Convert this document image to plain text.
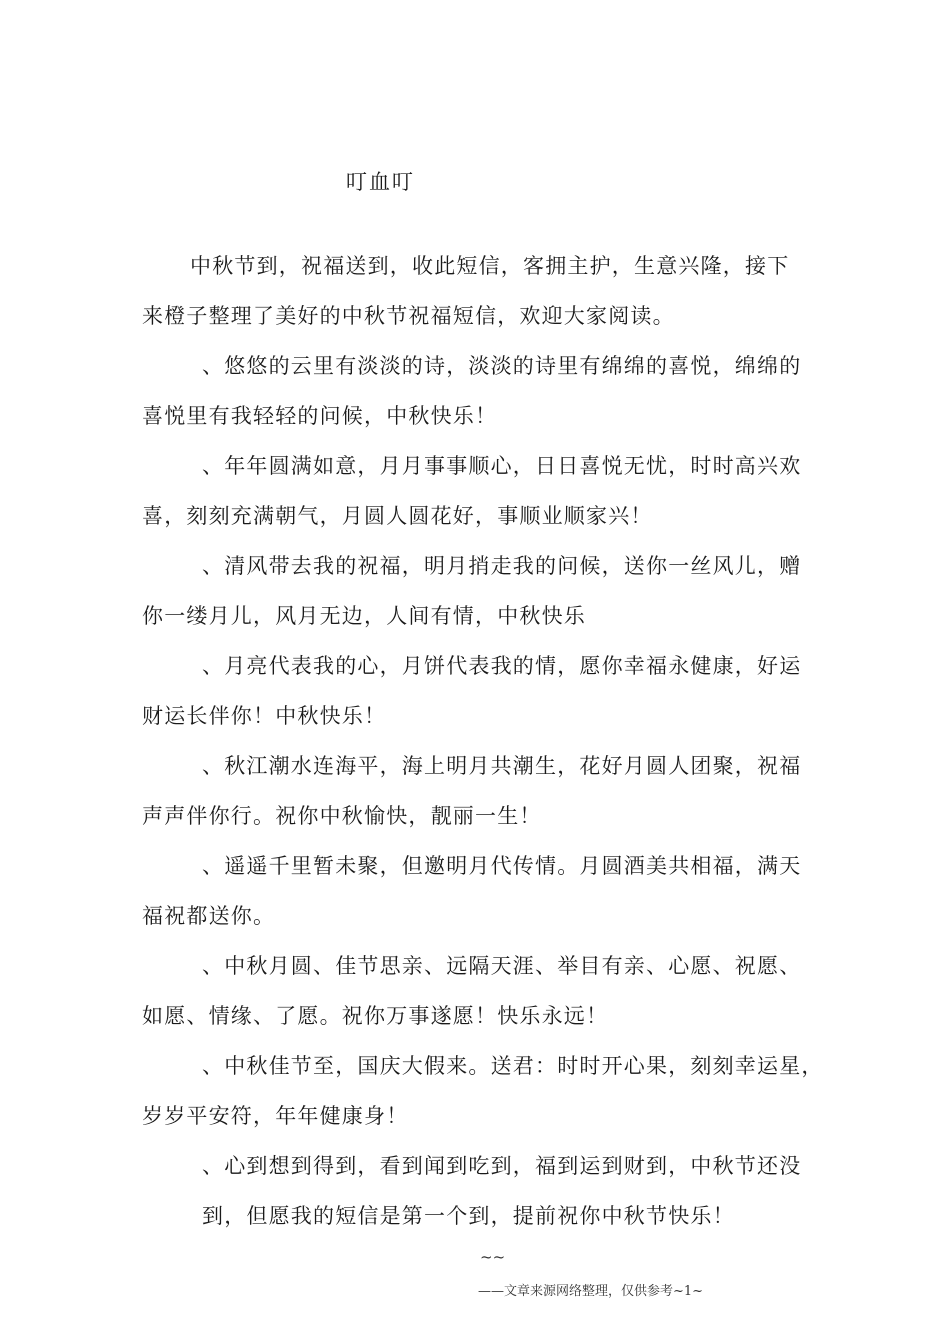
叮血叮
中秋节到，祝福送到，收此短信，客拥主护，生意兴隆，接下
来橙子整理了美好的中秋节祝福短信，欢迎大家阅读。
、悠悠的云里有淡淡的诗，淡淡的诗里有绵绵的喜悦，绵绵的
喜悦里有我轻轻的问候，中秋快乐！
、年年圆满如意，月月事事顺心，日日喜悦无忧，时时高兴欢
喜，刻刻充满朝气，月圆人圆花好，事顺业顺家兴！
、清风带去我的祝福，明月捎走我的问候，送你一丝风儿，赠
你一缕月儿，风月无边，人间有情，中秋快乐
、月亮代表我的心，月饼代表我的情，愿你幸福永健康，好运
财运长伴你！中秋快乐！
、秋江潮水连海平，海上明月共潮生，花好月圆人团聚，祝福
声声伴你行。祝你中秋愉快，靓丽一生！
、遥遥千里暂未聚，但邀明月代传情。月圆酒美共相福，满天
福祝都送你。
、中秋月圆、佳节思亲、远隔天涯、举目有亲、心愿、祝愿、
如愿、情缘、了愿。祝你万事遂愿！快乐永远！
、中秋佳节至，国庆大假来。送君：时时开心果，刻刻幸运星，
岁岁平安符，年年健康身！
、心到想到得到，看到闻到吃到，福到运到财到，中秋节还没
到，但愿我的短信是第一个到，提前祝你中秋节快乐！
~~
——文章来源网络整理，仅供参考~1~
